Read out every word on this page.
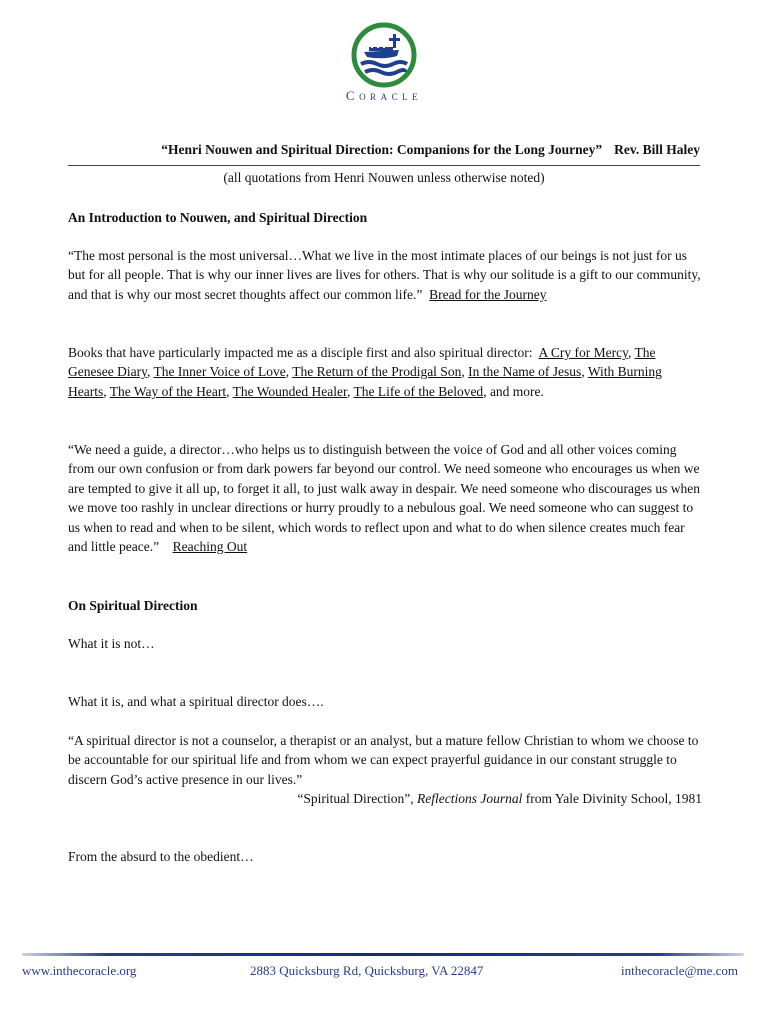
Coracle
“Henri Nouwen and Spiritual Direction: Companions for the Long Journey” Rev. Bill Haley
(all quotations from Henri Nouwen unless otherwise noted)
An Introduction to Nouwen, and Spiritual Direction
“The most personal is the most universal…What we live in the most intimate places of our beings is not just for us but for all people. That is why our inner lives are lives for others. That is why our solitude is a gift to our community, and that is why our most secret thoughts affect our common life.” Bread for the Journey
Books that have particularly impacted me as a disciple first and also spiritual director: A Cry for Mercy, The Genesee Diary, The Inner Voice of Love, The Return of the Prodigal Son, In the Name of Jesus, With Burning Hearts, The Way of the Heart, The Wounded Healer, The Life of the Beloved, and more.
“We need a guide, a director…who helps us to distinguish between the voice of God and all other voices coming from our own confusion or from dark powers far beyond our control. We need someone who encourages us when we are tempted to give it all up, to forget it all, to just walk away in despair. We need someone who discourages us when we move too rashly in unclear directions or hurry proudly to a nebulous goal. We need someone who can suggest to us when to read and when to be silent, which words to reflect upon and what to do when silence creates much fear and little peace.” Reaching Out
On Spiritual Direction
What it is not…
What it is, and what a spiritual director does….
“A spiritual director is not a counselor, a therapist or an analyst, but a mature fellow Christian to whom we choose to be accountable for our spiritual life and from whom we can expect prayerful guidance in our constant struggle to discern God’s active presence in our lives.”
“Spiritual Direction”, Reflections Journal from Yale Divinity School, 1981
From the absurd to the obedient…
www.inthecoracle.org	2883 Quicksburg Rd, Quicksburg, VA 22847	inthecoracle@me.com
